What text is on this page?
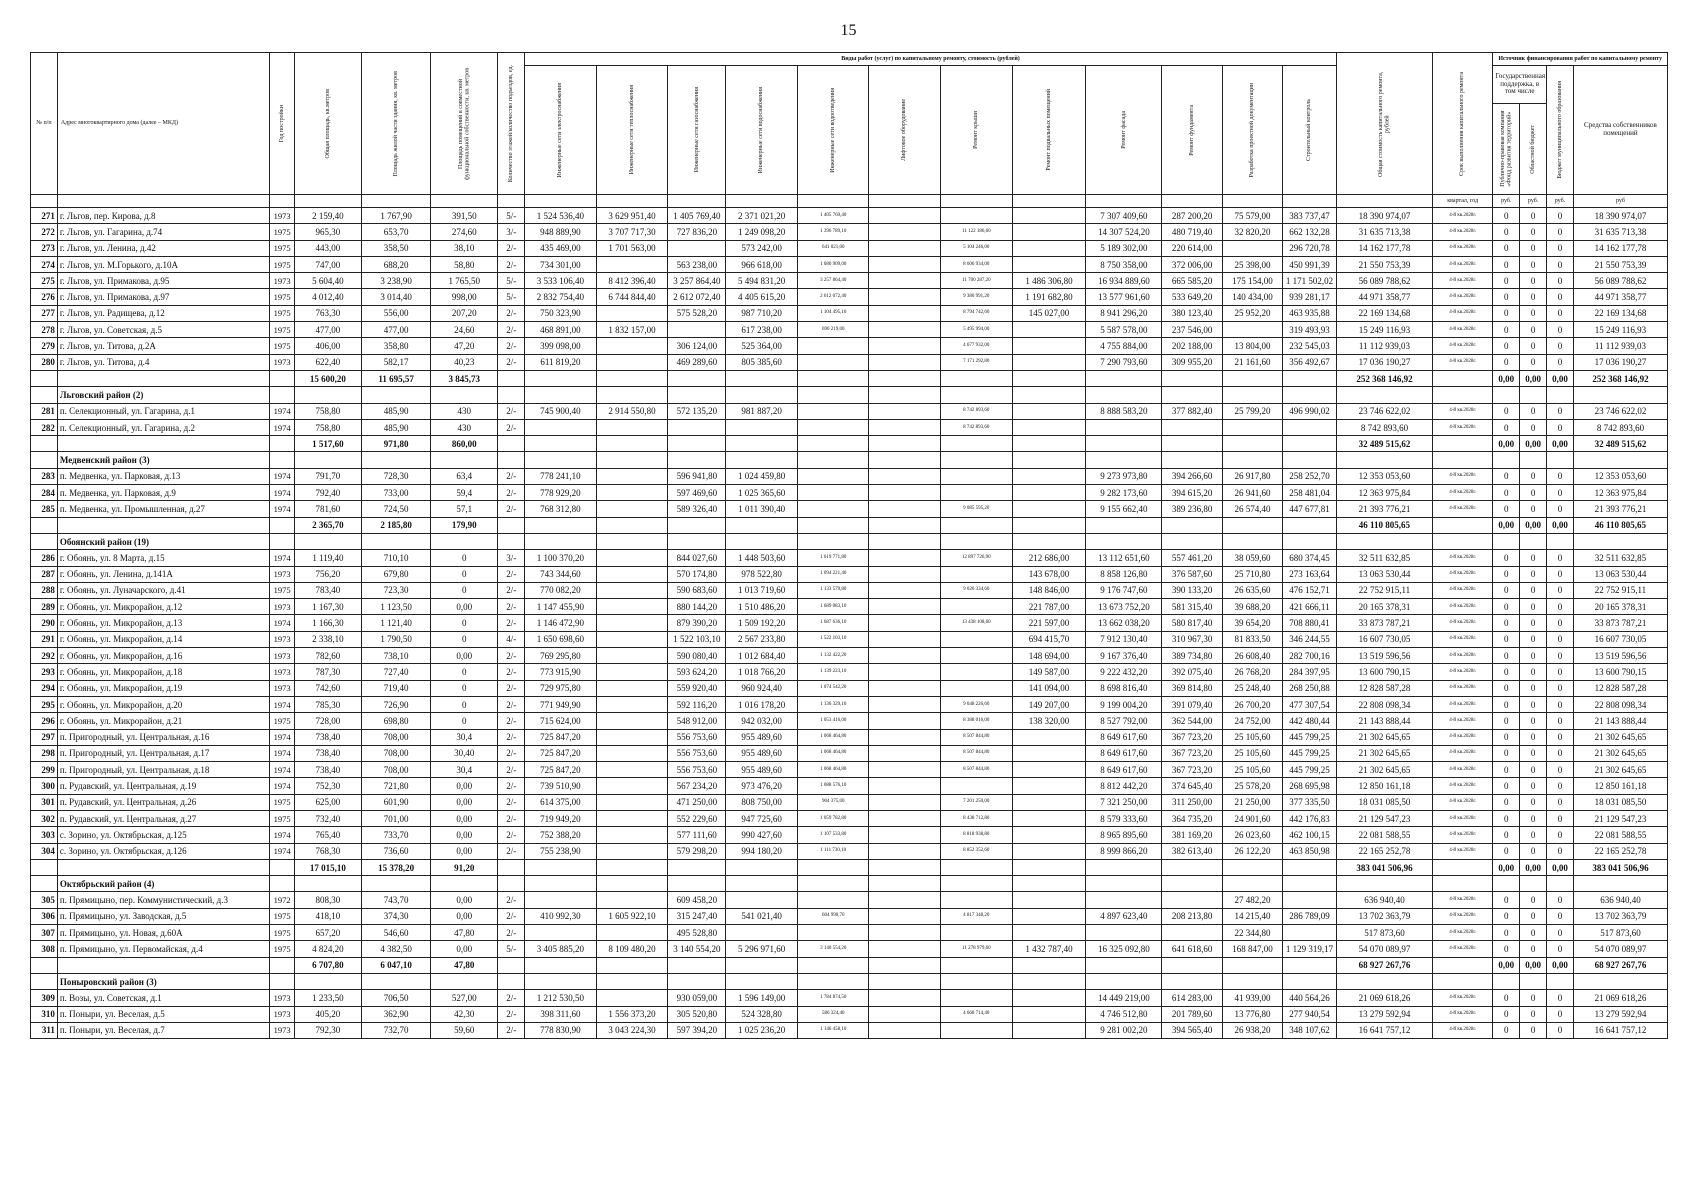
15
№ п/п	Адрес многоквартирного дома (далее – МКД)	Год постройки	Общая площадь, кв.метров	Площадь жилой части здания, кв. метров	Площадь помещений в совместной функциональной собственности, кв. метров	Количество этажей/количество подъездов, ед.	Виды работ (услуг) по капитальному ремонту, стоимость (рублей)												Общая стоимость капитального ремонта, рублей	Срок выполнения капитального ремонта	Источник финансирования работ по капитальному ремонту			

							Инженерные сети электроснабжения	Инженерные сети теплоснабжения	Инженерные сети газоснабжения	Инженерные сети водоснабжения	Инженерные сети водоотведения	Лифтовое оборудование	Ремонт крыши	Ремонт подвальных помещений	Ремонт фасада	Ремонт фундамента	Разработка проектной документации	Строительный контроль			Государственная поддержка, в том числе		Бюджет муниципального образования	Средства собственников помещений

																					Публично-правовая компания «Фонд развития территорий»	Областной бюджет		

																				квартал, год	руб.	руб.	руб.	руб
271	г. Льгов, пер. Кирова, д.8	1973	2 159,40	1 767,90	391,50	5/-	1 524 536,40	3 629 951,40	1 405 769,40	2 371 021,20	1 405 769,40				7 307 409,60	287 200,20	75 579,00	383 737,47	18 390 974,07	4-й кв.2028г.	0	0	0	18 390 974,07
272	г. Льгов, ул. Гагарина, д.74	1975	965,30	653,70	274,60	3/-	948 889,90	3 707 717,30	727 836,20	1 249 098,20	1 396 789,10		11 122 186,60		14 307 524,20	480 719,40	32 820,20	662 132,28	31 635 713,38	4-й кв.2028г.	0	0	0	31 635 713,38
273	г. Льгов, ул. Ленина, д.42	1975	443,00	358,50	38,10	2/-	435 469,00	1 701 563,00		573 242,00	641 021,00		5 104 246,00		5 189 302,00	220 614,00		296 720,78	14 162 177,78	4-й кв.2028г.	0	0	0	14 162 177,78
274	г. Льгов, ул. М.Горького, д.10А	1975	747,00	688,20	58,80	2/-	734 301,00		563 238,00	966 618,00	1 080 909,00		8 606 934,00		8 750 358,00	372 006,00	25 398,00	450 991,39	21 550 753,39	4-й кв.2028г.	0	0	0	21 550 753,39
275	г. Льгов, ул. Примакова, д.95	1973	5 604,40	3 238,90	1 765,50	5/-	3 533 106,40	8 412 396,40	3 257 864,40	5 494 831,20	3 257 864,40		11 700 287,20	1 486 306,80	16 934 889,60	665 585,20	175 154,00	1 171 502,02	56 089 788,62	4-й кв.2028г.	0	0	0	56 089 788,62
276	г. Льгов, ул. Примакова, д.97	1975	4 012,40	3 014,40	998,00	5/-	2 832 754,40	6 744 844,40	2 612 072,40	4 405 615,20	2 612 072,40		9 380 991,20	1 191 682,80	13 577 961,60	533 649,20	140 434,00	939 281,17	44 971 358,77	4-й кв.2028г.	0	0	0	44 971 358,77
277	г. Льгов, ул. Радищева, д.12	1975	763,30	556,00	207,20	2/-	750 323,90		575 528,20	987 710,20	1 104 495,10		8 794 742,60	145 027,00	8 941 296,20	380 123,40	25 952,20	463 935,88	22 169 134,68	4-й кв.2028г.	0	0	0	22 169 134,68
278	г. Льгов, ул. Советская, д.5	1975	477,00	477,00	24,60	2/-	468 891,00	1 832 157,00		617 238,00	690 219,00		5 495 994,00		5 587 578,00	237 546,00		319 493,93	15 249 116,93	4-й кв.2028г.	0	0	0	15 249 116,93
279	г. Льгов, ул. Титова, д.2А	1975	406,00	358,80	47,20	2/-	399 098,00		306 124,00	525 364,00			4 677 932,00		4 755 884,00	202 188,00	13 804,00	232 545,03	11 112 939,03	4-й кв.2028г.	0	0	0	11 112 939,03
280	г. Льгов, ул. Титова, д.4	1973	622,40	582,17	40,23	2/-	611 819,20		469 289,60	805 385,60			7 171 292,80		7 290 793,60	309 955,20	21 161,60	356 492,67	17 036 190,27	4-й кв.2028г.	0	0	0	17 036 190,27
			15 600,20	11 695,57	3 845,73														252 368 146,92		0,00	0,00	0,00	252 368 146,92
	Льговский район (2)																							
281	п. Селекционный, ул. Гагарина, д.1	1974	758,80	485,90	430	2/-	745 900,40	2 914 550,80	572 135,20	981 887,20			8 742 893,60		8 888 583,20	377 882,40	25 799,20	496 990,02	23 746 622,02	4-й кв.2028г.	0	0	0	23 746 622,02
282	п. Селекционный, ул. Гагарина, д.2	1974	758,80	485,90	430	2/-							8 742 893,60						8 742 893,60	4-й кв.2028г.	0	0	0	8 742 893,60
			1 517,60	971,80	860,00														32 489 515,62		0,00	0,00	0,00	32 489 515,62
	Медвенский район (3)																							
283	п. Медвенка, ул. Парковая, д.13	1974	791,70	728,30	63,4	2/-	778 241,10		596 941,80	1 024 459,80					9 273 973,80	394 266,60	26 917,80	258 252,70	12 353 053,60	4-й кв.2028г.	0	0	0	12 353 053,60
284	п. Медвенка, ул. Парковая, д.9	1974	792,40	733,00	59,4	2/-	778 929,20		597 469,60	1 025 365,60					9 282 173,60	394 615,20	26 941,60	258 481,04	12 363 975,84	4-й кв.2028г.	0	0	0	12 363 975,84
285	п. Медвенка, ул. Промышленная, д.27	1974	781,60	724,50	57,1	2/-	768 312,80		589 326,40	1 011 390,40			9 085 595,20		9 155 662,40	389 236,80	26 574,40	447 677,81	21 393 776,21	4-й кв.2028г.	0	0	0	21 393 776,21
			2 365,70	2 185,80	179,90														46 110 805,65		0,00	0,00	0,00	46 110 805,65
	Обоянский район (19)																							
286	г. Обоянь, ул. 8 Марта, д.15	1974	1 119,40	710,10	0	3/-	1 100 370,20		844 027,60	1 448 503,60	1 619 771,80		12 897 726,90	212 686,00	13 112 651,60	557 461,20	38 059,60	680 374,45	32 511 632,85	4-й кв.2028г.	0	0	0	32 511 632,85
287	г. Обоянь, ул. Ленина, д.141А	1973	756,20	679,80	0	2/-	743 344,60		570 174,80	978 522,80	1 094 221,40			143 678,00	8 858 126,80	376 587,60	25 710,80	273 163,64	13 063 530,44	4-й кв.2028г.	0	0	0	13 063 530,44
288	г. Обоянь, ул. Луначарского, д.41	1975	783,40	723,30	0	2/-	770 082,20		590 683,60	1 013 719,60	1 133 579,80		9 026 334,60	148 846,00	9 176 747,60	390 133,20	26 635,60	476 152,71	22 752 915,11	4-й кв.2028г.	0	0	0	22 752 915,11
289	г. Обоянь, ул. Микрорайон, д.12	1973	1 167,30	1 123,50	0,00	2/-	1 147 455,90		880 144,20	1 510 486,20	1 689 083,10			221 787,00	13 673 752,20	581 315,40	39 688,20	421 666,11	20 165 378,31	4-й кв.2028г.	0	0	0	20 165 378,31
290	г. Обоянь, ул. Микрорайон, д.13	1974	1 166,30	1 121,40	0	2/-	1 146 472,90		879 390,20	1 509 192,20	1 687 636,10		13 438 108,60	221 597,00	13 662 038,20	580 817,40	39 654,20	708 880,41	33 873 787,21	4-й кв.2028г.	0	0	0	33 873 787,21
291	г. Обоянь, ул. Микрорайон, д.14	1973	2 338,10	1 790,50	0	4/-	1 650 698,60		1 522 103,10	2 567 233,80	1 522 103,10			694 415,70	7 912 130,40	310 967,30	81 833,50	346 244,55	16 607 730,05	4-й кв.2028г.	0	0	0	16 607 730,05
292	г. Обоянь, ул. Микрорайон, д.16	1973	782,60	738,10	0,00	2/-	769 295,80		590 080,40	1 012 684,40	1 132 422,20			148 694,00	9 167 376,40	389 734,80	26 608,40	282 700,16	13 519 596,56	4-й кв.2028г.	0	0	0	13 519 596,56
293	г. Обоянь, ул. Микрорайон, д.18	1973	787,30	727,40	0	2/-	773 915,90		593 624,20	1 018 766,20	1 139 223,10			149 587,00	9 222 432,20	392 075,40	26 768,20	284 397,95	13 600 790,15	4-й кв.2028г.	0	0	0	13 600 790,15
294	г. Обоянь, ул. Микрорайон, д.19	1973	742,60	719,40	0	2/-	729 975,80		559 920,40	960 924,40	1 074 542,20			141 094,00	8 698 816,40	369 814,80	25 248,40	268 250,88	12 828 587,28	4-й кв.2028г.	0	0	0	12 828 587,28
295	г. Обоянь, ул. Микрорайон, д.20	1974	785,30	726,90	0	2/-	771 949,90		592 116,20	1 016 178,20	1 136 329,10		9 048 226,60	149 207,00	9 199 004,20	391 079,40	26 700,20	477 307,54	22 808 098,34	4-й кв.2028г.	0	0	0	22 808 098,34
296	г. Обоянь, ул. Микрорайон, д.21	1975	728,00	698,80	0	2/-	715 624,00		548 912,00	942 032,00	1 053 416,00		8 388 016,00	138 320,00	8 527 792,00	362 544,00	24 752,00	442 480,44	21 143 888,44	4-й кв.2028г.	0	0	0	21 143 888,44
297	п. Пригородный, ул. Центральная, д.16	1974	738,40	708,00	30,4	2/-	725 847,20		556 753,60	955 489,60	1 068 464,80		8 507 844,80		8 649 617,60	367 723,20	25 105,60	445 799,25	21 302 645,65	4-й кв.2028г.	0	0	0	21 302 645,65
298	п. Пригородный, ул. Центральная, д.17	1974	738,40	708,00	30,40	2/-	725 847,20		556 753,60	955 489,60	1 068 464,80		8 507 844,80		8 649 617,60	367 723,20	25 105,60	445 799,25	21 302 645,65	4-й кв.2028г.	0	0	0	21 302 645,65
299	п. Пригородный, ул. Центральная, д.18	1974	738,40	708,00	30,4	2/-	725 847,20		556 753,60	955 489,60	1 068 464,80		8 507 844,80		8 649 617,60	367 723,20	25 105,60	445 799,25	21 302 645,65	4-й кв.2028г.	0	0	0	21 302 645,65
300	п. Рудавский, ул. Центральная, д.19	1974	752,30	721,80	0,00	2/-	739 510,90		567 234,20	973 476,20	1 088 576,10				8 812 442,20	374 645,40	25 578,20	268 695,98	12 850 161,18	4-й кв.2028г.	0	0	0	12 850 161,18
301	п. Рудавский, ул. Центральная, д.26	1975	625,00	601,90	0,00	2/-	614 375,00		471 250,00	808 750,00	904 375,00		7 201 250,00		7 321 250,00	311 250,00	21 250,00	377 335,50	18 031 085,50	4-й кв.2028г.	0	0	0	18 031 085,50
302	п. Рудавский, ул. Центральная, д.27	1975	732,40	701,00	0,00	2/-	719 949,20		552 229,60	947 725,60	1 059 782,80		8 438 712,80		8 579 333,60	364 735,20	24 901,60	442 176,83	21 129 547,23	4-й кв.2028г.	0	0	0	21 129 547,23
303	с. Зорино, ул. Октябрьская, д.125	1974	765,40	733,70	0,00	2/-	752 388,20		577 111,60	990 427,60	1 107 533,80		8 818 938,80		8 965 895,60	381 169,20	26 023,60	462 100,15	22 081 588,55	4-й кв.2028г.	0	0	0	22 081 588,55
304	с. Зорино, ул. Октябрьская, д.126	1974	768,30	736,60	0,00	2/-	755 238,90		579 298,20	994 180,20	1 111 730,10		8 852 352,60		8 999 866,20	382 613,40	26 122,20	463 850,98	22 165 252,78	4-й кв.2028г.	0	0	0	22 165 252,78
			17 015,10	15 378,20	91,20														383 041 506,96		0,00	0,00	0,00	383 041 506,96
	Октябрьский район (4)																							
305	п. Прямицыно, пер. Коммунистический, д.3	1972	808,30	743,70	0,00	2/-			609 458,20								27 482,20		636 940,40	4-й кв.2028г.	0	0	0	636 940,40
306	п. Прямицыно, ул. Заводская, д.5	1975	418,10	374,30	0,00	2/-	410 992,30	1 605 922,10	315 247,40	541 021,40	604 990,70		4 817 348,20		4 897 623,40	208 213,80	14 215,40	286 789,09	13 702 363,79	4-й кв.2028г.	0	0	0	13 702 363,79
307	п. Прямицыно, ул. Новая, д.60А	1975	657,20	546,60	47,80	2/-			495 528,80								22 344,80		517 873,60	4-й кв.2028г.	0	0	0	517 873,60
308	п. Прямицыно, ул. Первомайская, д.4	1975	4 824,20	4 382,50	0,00	5/-	3 405 885,20	8 109 480,20	3 140 554,20	5 296 971,60	3 140 554,20		11 278 979,60	1 432 787,40	16 325 092,80	641 618,60	168 847,00	1 129 319,17	54 070 089,97	4-й кв.2028г.	0	0	0	54 070 089,97
			6 707,80	6 047,10	47,80														68 927 267,76		0,00	0,00	0,00	68 927 267,76
	Поныровский район (3)																							
309	п. Возы, ул. Советская, д.1	1973	1 233,50	706,50	527,00	2/-	1 212 530,50		930 059,00	1 596 149,00	1 784 874,50				14 449 219,00	614 283,00	41 939,00	440 564,26	21 069 618,26	4-й кв.2028г.	0	0	0	21 069 618,26
310	п. Поныри, ул. Веселая, д.5	1973	405,20	362,90	42,30	2/-	398 311,60	1 556 373,20	305 520,80	524 328,80	586 324,40		4 668 714,40		4 746 512,80	201 789,60	13 776,80	277 940,54	13 279 592,94	4-й кв.2028г.	0	0	0	13 279 592,94
311	п. Поныри, ул. Веселая, д.7	1973	792,30	732,70	59,60	2/-	778 830,90	3 043 224,30	597 394,20	1 025 236,20	1 146 458,10				9 281 002,20	394 565,40	26 938,20	348 107,62	16 641 757,12	4-й кв.2028г.	0	0	0	16 641 757,12
